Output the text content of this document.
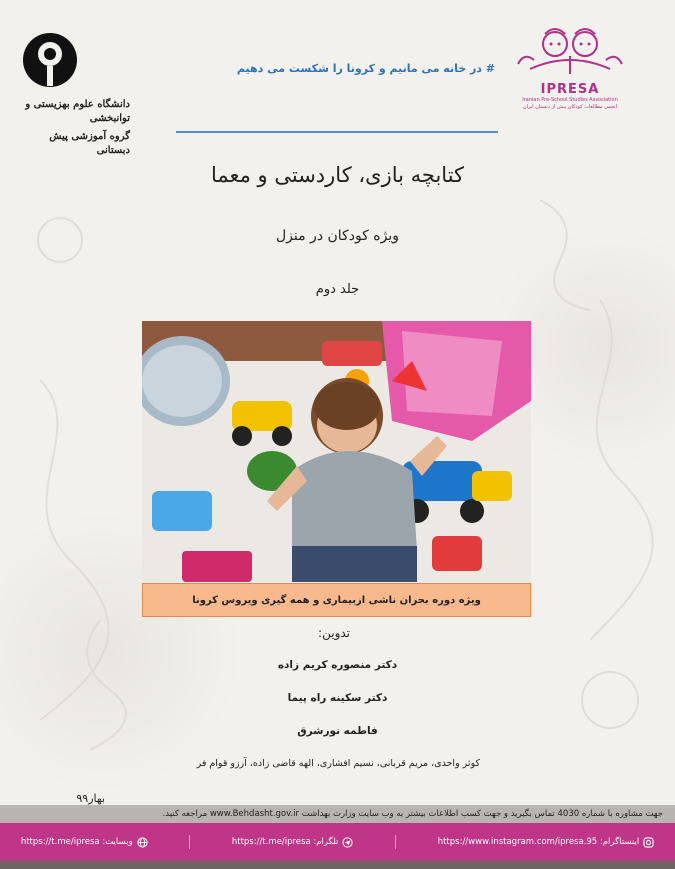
دانشگاه علوم بهزیستی و توانبخشی
گروه آموزشی پیش دبستانی
IPRESA
Iranian Pre-School Studies Association
انجمن مطالعات کودکان پیش از دبستان ایران
# در خانه می مانیم و کرونا را شکست می دهیم
کتابچه بازی، کاردستی و معما
ویژه کودکان در منزل
جلد دوم
ویژه دوره بحران ناشی ازبیماری و همه گیری ویروس کرونا
تدوین:
دکتر منصوره کریم زاده
دکتر سکینه راه پیما
فاطمه نورشرق
کوثر واحدی، مریم قربانی، نسیم افشاری، الهه قاضی زاده، آرزو قوام فر
بهار۹۹
جهت مشاوره با شماره 4030 تماس بگیرید و جهت کسب اطلاعات بیشتر به وب سایت وزارت بهداشت www.Behdasht.gov.ir مراجعه کنید.
اینستاگرام: https://www.instagram.com/ipresa.95
تلگرام: https://t.me/ipresa
وبسایت: https://t.me/ipresa
